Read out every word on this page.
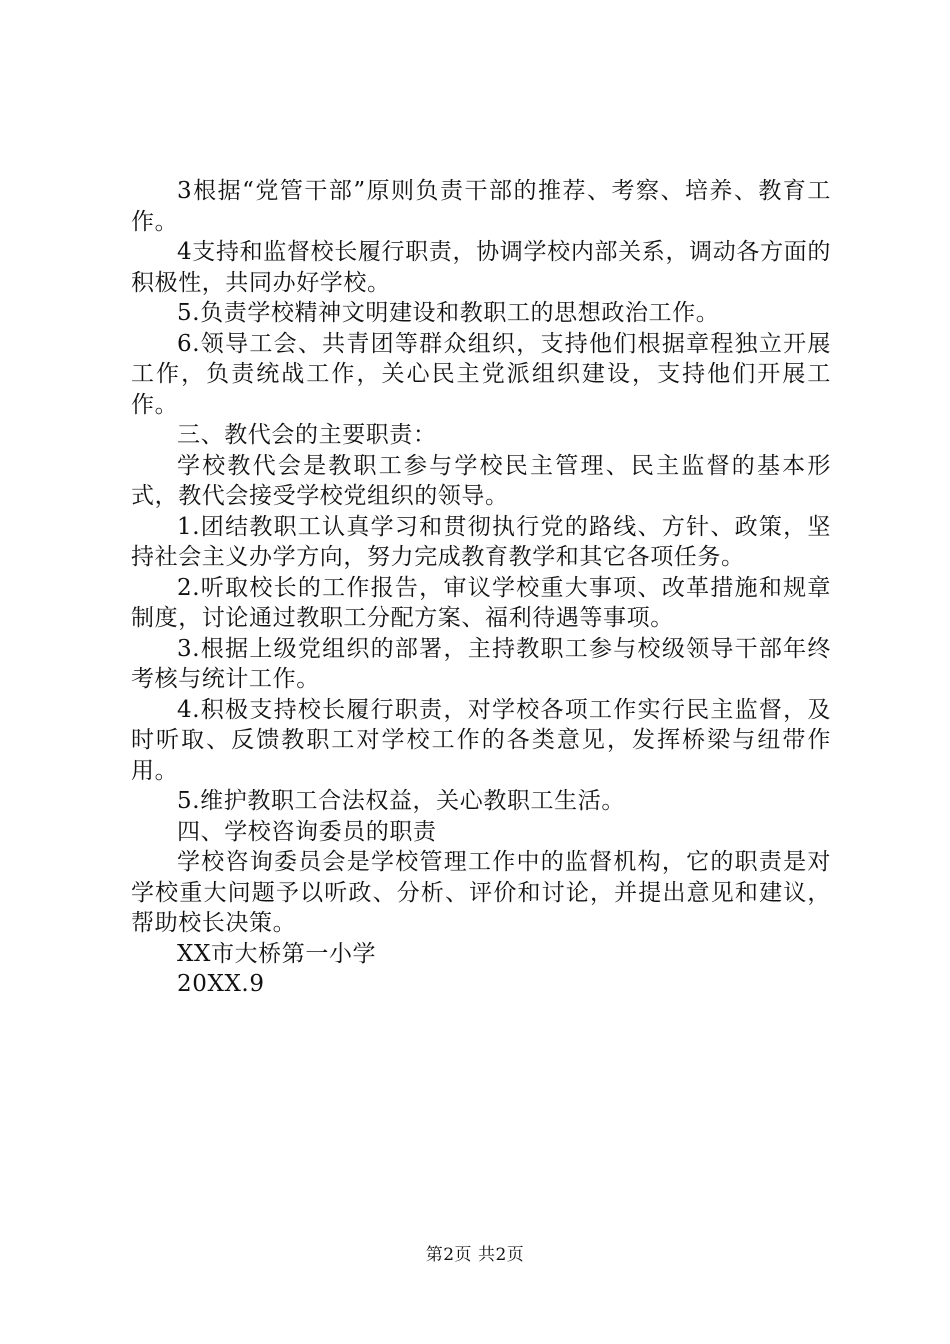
3根据“党管干部”原则负责干部的推荐、考察、培养、教育工作。

4支持和监督校长履行职责，协调学校内部关系，调动各方面的积极性，共同办好学校。

5.负责学校精神文明建设和教职工的思想政治工作。

6.领导工会、共青团等群众组织，支持他们根据章程独立开展工作，负责统战工作，关心民主党派组织建设，支持他们开展工作。

三、教代会的主要职责：

学校教代会是教职工参与学校民主管理、民主监督的基本形式，教代会接受学校党组织的领导。

1.团结教职工认真学习和贯彻执行党的路线、方针、政策，坚持社会主义办学方向，努力完成教育教学和其它各项任务。

2.听取校长的工作报告，审议学校重大事项、改革措施和规章制度，讨论通过教职工分配方案、福利待遇等事项。

3.根据上级党组织的部署，主持教职工参与校级领导干部年终考核与统计工作。

4.积极支持校长履行职责，对学校各项工作实行民主监督，及时听取、反馈教职工对学校工作的各类意见，发挥桥梁与纽带作用。

5.维护教职工合法权益，关心教职工生活。

四、学校咨询委员的职责

学校咨询委员会是学校管理工作中的监督机构，它的职责是对学校重大问题予以听政、分析、评价和讨论，并提出意见和建议，帮助校长决策。

XX市大桥第一小学

20XX.9

第2页 共2页
